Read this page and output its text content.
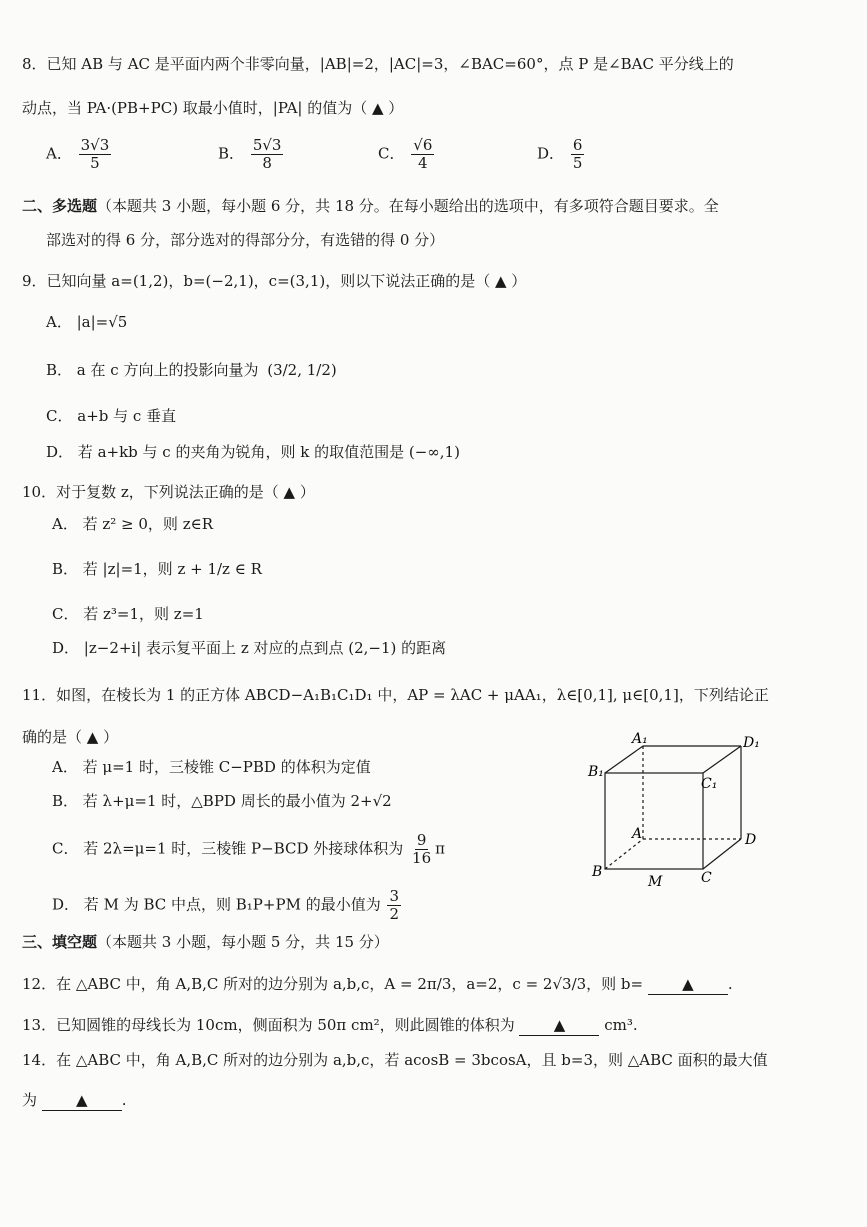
8．已知 AB 与 AC 是平面内两个非零向量，|AB|=2，|AC|=3，∠BAC=60°，点 P 是∠BAC 平分线上的
动点，当 PA·(PB+PC) 取最小值时，|PA| 的值为（ ▲ ）
A． $\frac{3√3}{5}$	B． $\frac{5√3}{8}$	C． $\frac{√6}{4}$	D． $\frac{6}{5}$
二、多选题（本题共 3 小题，每小题 6 分，共 18 分。在每小题给出的选项中，有多项符合题目要求。全
部选对的得 6 分，部分选对的得部分分，有选错的得 0 分）
9．已知向量 a=(1,2)，b=(−2,1)，c=(3,1)，则以下说法正确的是（ ▲ ）
A． |a|=√5
B． a 在 c 方向上的投影向量为 (3/2, 1/2)
C． a+b 与 c 垂直
D． 若 a+kb 与 c 的夹角为锐角，则 k 的取值范围是 (−∞,1)
10．对于复数 z，下列说法正确的是（ ▲ ）
A． 若 z² ≥ 0，则 z∈R
B． 若 |z|=1，则 z + 1/z ∈ R
C． 若 z³=1，则 z=1
D． |z−2+i| 表示复平面上 z 对应的点到点 (2,−1) 的距离
11．如图，在棱长为 1 的正方体 ABCD−A₁B₁C₁D₁ 中，AP = λAC + μAA₁，λ∈[0,1], μ∈[0,1]，下列结论正
确的是（ ▲ ）
A． 若 μ=1 时，三棱锥 C−PBD 的体积为定值
B． 若 λ+μ=1 时，△BPD 周长的最小值为 2+√2
C． 若 2λ=μ=1 时，三棱锥 P−BCD 外接球体积为 $\frac{9}{16}$ π
D． 若 M 为 BC 中点，则 B₁P+PM 的最小值为 $\frac{3}{2}$
A₁	D₁
B₁
C₁
A	D
B
M	C
三、填空题（本题共 3 小题，每小题 5 分，共 15 分）
12．在 △ABC 中，角 A,B,C 所对的边分别为 a,b,c，A = 2π/3，a=2，c = 2√3/3，则 b=	▲ .
13．已知圆锥的母线长为 10cm，侧面积为 50π cm²，则此圆锥的体积为	▲	cm³.
14．在 △ABC 中，角 A,B,C 所对的边分别为 a,b,c，若 acosB = 3bcosA，且 b=3，则 △ABC 面积的最大值
为	▲ .
